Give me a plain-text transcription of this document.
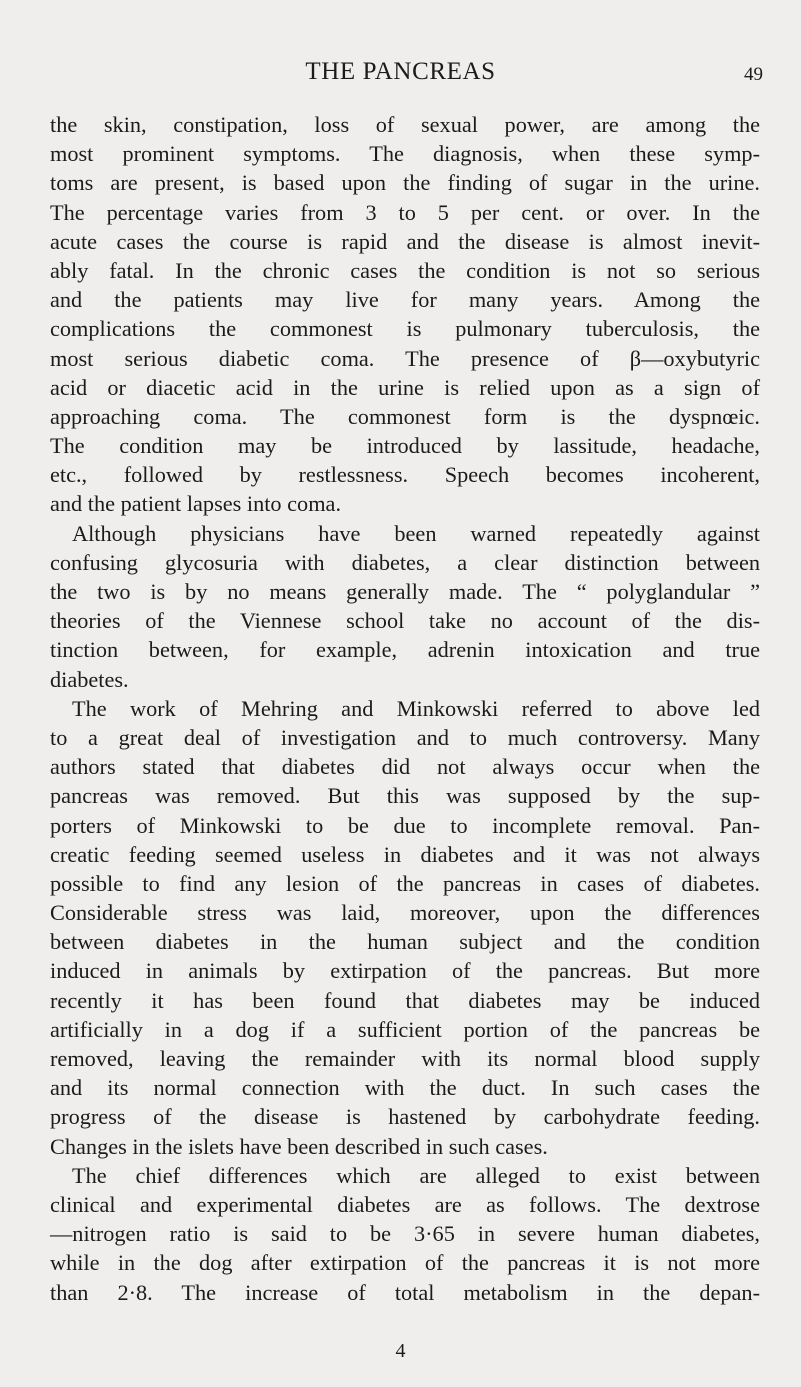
THE PANCREAS	49
the skin, constipation, loss of sexual power, are among the
most prominent symptoms. The diagnosis, when these symp-
toms are present, is based upon the finding of sugar in the urine.
The percentage varies from 3 to 5 per cent. or over. In the
acute cases the course is rapid and the disease is almost inevit-
ably fatal. In the chronic cases the condition is not so serious
and the patients may live for many years. Among the
complications the commonest is pulmonary tuberculosis, the
most serious diabetic coma. The presence of β—oxybutyric
acid or diacetic acid in the urine is relied upon as a sign of
approaching coma. The commonest form is the dyspnœic.
The condition may be introduced by lassitude, headache,
etc., followed by restlessness. Speech becomes incoherent,
and the patient lapses into coma.
Although physicians have been warned repeatedly against
confusing glycosuria with diabetes, a clear distinction between
the two is by no means generally made. The “ polyglandular ”
theories of the Viennese school take no account of the dis-
tinction between, for example, adrenin intoxication and true
diabetes.
The work of Mehring and Minkowski referred to above led
to a great deal of investigation and to much controversy. Many
authors stated that diabetes did not always occur when the
pancreas was removed. But this was supposed by the sup-
porters of Minkowski to be due to incomplete removal. Pan-
creatic feeding seemed useless in diabetes and it was not always
possible to find any lesion of the pancreas in cases of diabetes.
Considerable stress was laid, moreover, upon the differences
between diabetes in the human subject and the condition
induced in animals by extirpation of the pancreas. But more
recently it has been found that diabetes may be induced
artificially in a dog if a sufficient portion of the pancreas be
removed, leaving the remainder with its normal blood supply
and its normal connection with the duct. In such cases the
progress of the disease is hastened by carbohydrate feeding.
Changes in the islets have been described in such cases.
The chief differences which are alleged to exist between
clinical and experimental diabetes are as follows. The dextrose
—nitrogen ratio is said to be 3·65 in severe human diabetes,
while in the dog after extirpation of the pancreas it is not more
than 2·8. The increase of total metabolism in the depan-
4
